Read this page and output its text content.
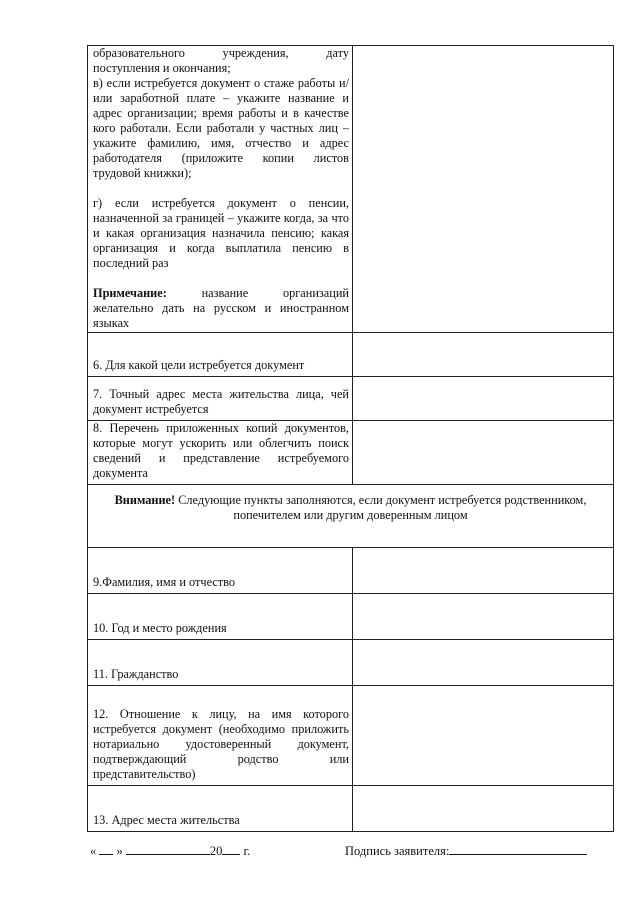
образовательного учреждения, дату поступления и окончания;

в) если истребуется документ о стаже работы и/или заработной плате – укажите название и адрес организации; время работы и в качестве кого работали. Если работали у частных лиц – укажите фамилию, имя, отчество и адрес работодателя (приложите копии листов трудовой книжки);

г) если истребуется документ о пенсии, назначенной за границей – укажите когда, за что и какая организация назначила пенсию; какая организация и когда выплатила пенсию в последний раз

Примечание: название организаций желательно дать на русском и иностранном языках	

6. Для какой цели истребуется документ	
7. Точный адрес места жительства лица, чей документ истребуется	
8. Перечень приложенных копий документов, которые могут ускорить или облегчить поиск сведений и представление истребуемого документа	
Внимание! Следующие пункты заполняются, если документ истребуется родственником, попечителем или другим доверенным лицом	
9.Фамилия, имя и отчество	
10. Год и место рождения	
11. Гражданство	
12. Отношение к лицу, на имя которого истребуется документ (необходимо приложить нотариально удостоверенный документ, подтверждающий родство или представительство)	
13. Адрес места жительства	
« »	20 г.	Подпись заявителя:
